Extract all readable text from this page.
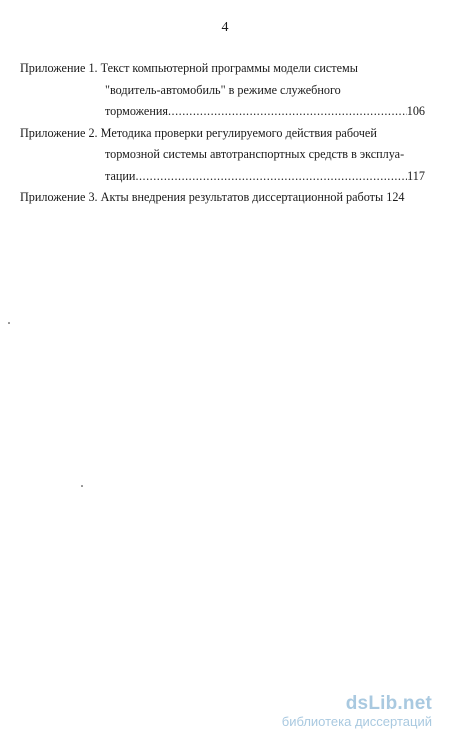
4
Приложение 1. Текст компьютерной программы модели системы
"водитель-автомобиль" в режиме служебного
торможения .....	106
Приложение 2. Методика проверки регулируемого действия рабочей
тормозной системы автотранспортных средств в эксплуа-
тации .....	117
Приложение 3. Акты внедрения результатов диссертационной работы 124
dsLib.net
библиотека диссертаций
